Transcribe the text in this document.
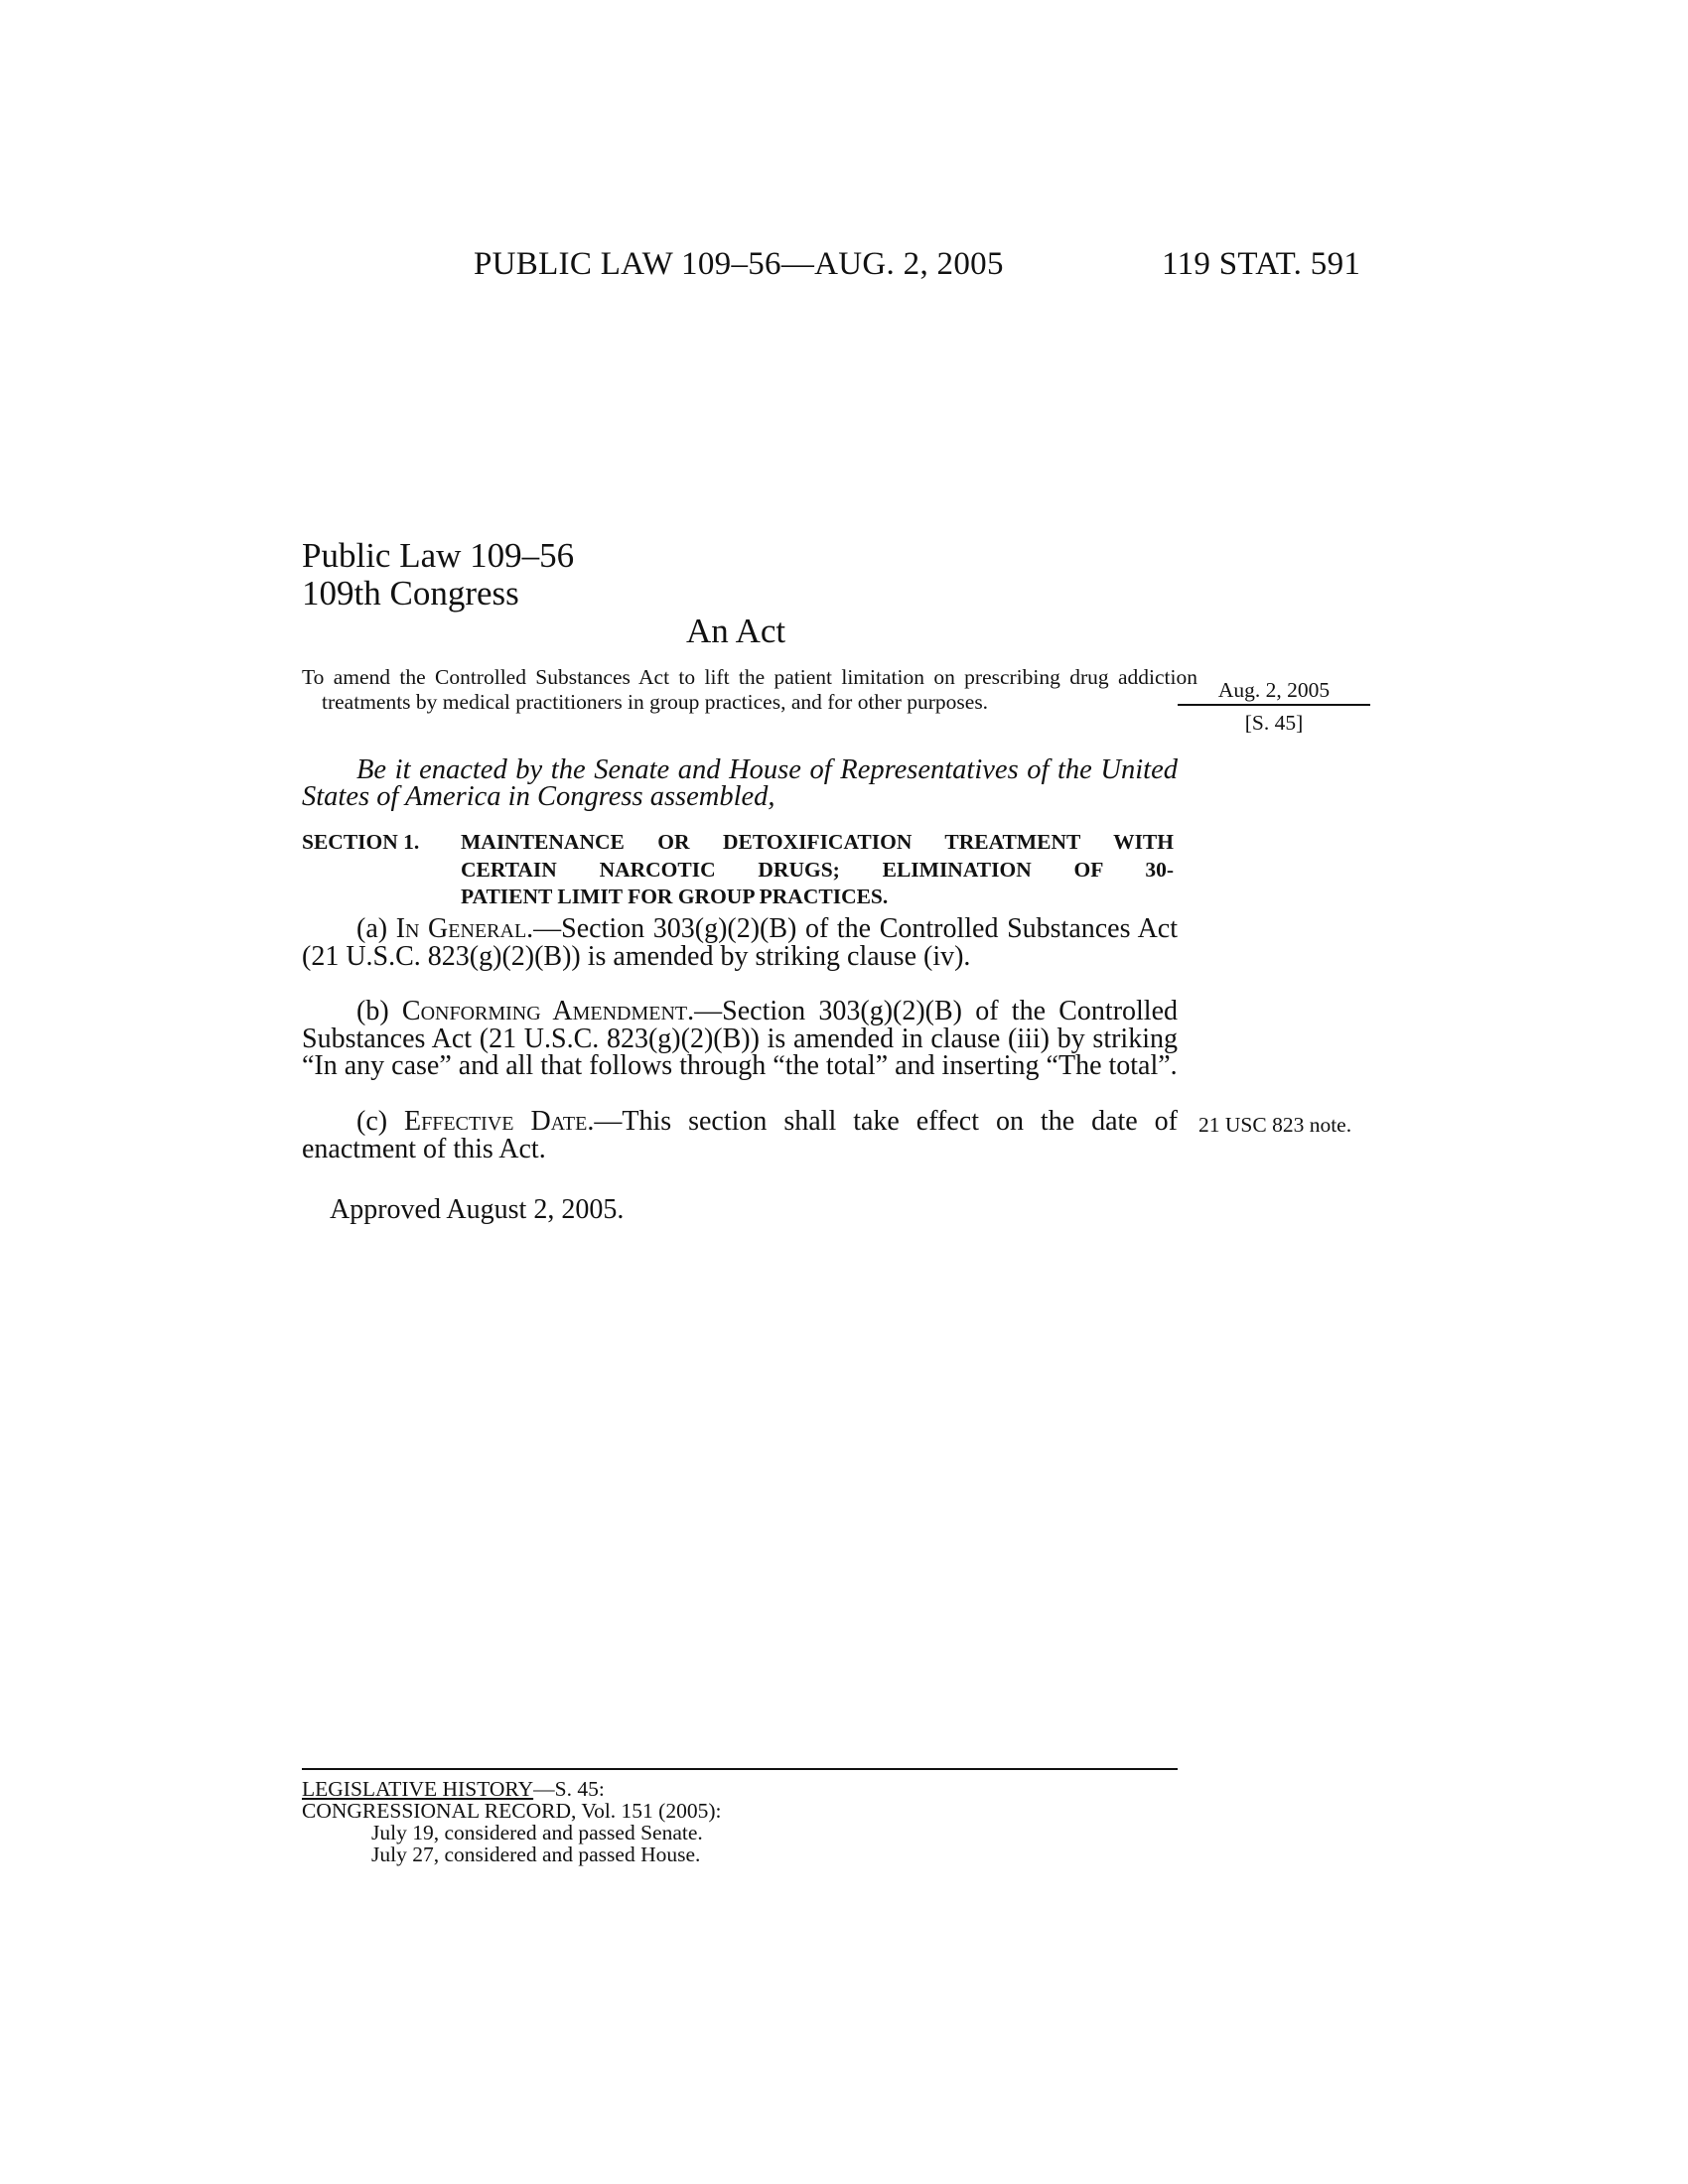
PUBLIC LAW 109–56—AUG. 2, 2005	119 STAT. 591
Public Law 109–56
109th Congress
An Act
To amend the Controlled Substances Act to lift the patient limitation on prescribing drug addiction treatments by medical practitioners in group practices, and for other purposes.	Aug. 2, 2005
[S. 45]
Be it enacted by the Senate and House of Representatives of the United States of America in Congress assembled,
SECTION 1. MAINTENANCE OR DETOXIFICATION TREATMENT WITH
CERTAIN NARCOTIC DRUGS; ELIMINATION OF 30-
PATIENT LIMIT FOR GROUP PRACTICES.
(a) In General.—Section 303(g)(2)(B) of the Controlled Substances Act (21 U.S.C. 823(g)(2)(B)) is amended by striking clause (iv).
(b) Conforming Amendment.—Section 303(g)(2)(B) of the Controlled Substances Act (21 U.S.C. 823(g)(2)(B)) is amended in clause (iii) by striking “In any case” and all that follows through “the total” and inserting “The total”.
(c) Effective Date.—This section shall take effect on the date of enactment of this Act.
21 USC 823 note.
Approved August 2, 2005.
LEGISLATIVE HISTORY—S. 45:
CONGRESSIONAL RECORD, Vol. 151 (2005):
July 19, considered and passed Senate.
July 27, considered and passed House.
